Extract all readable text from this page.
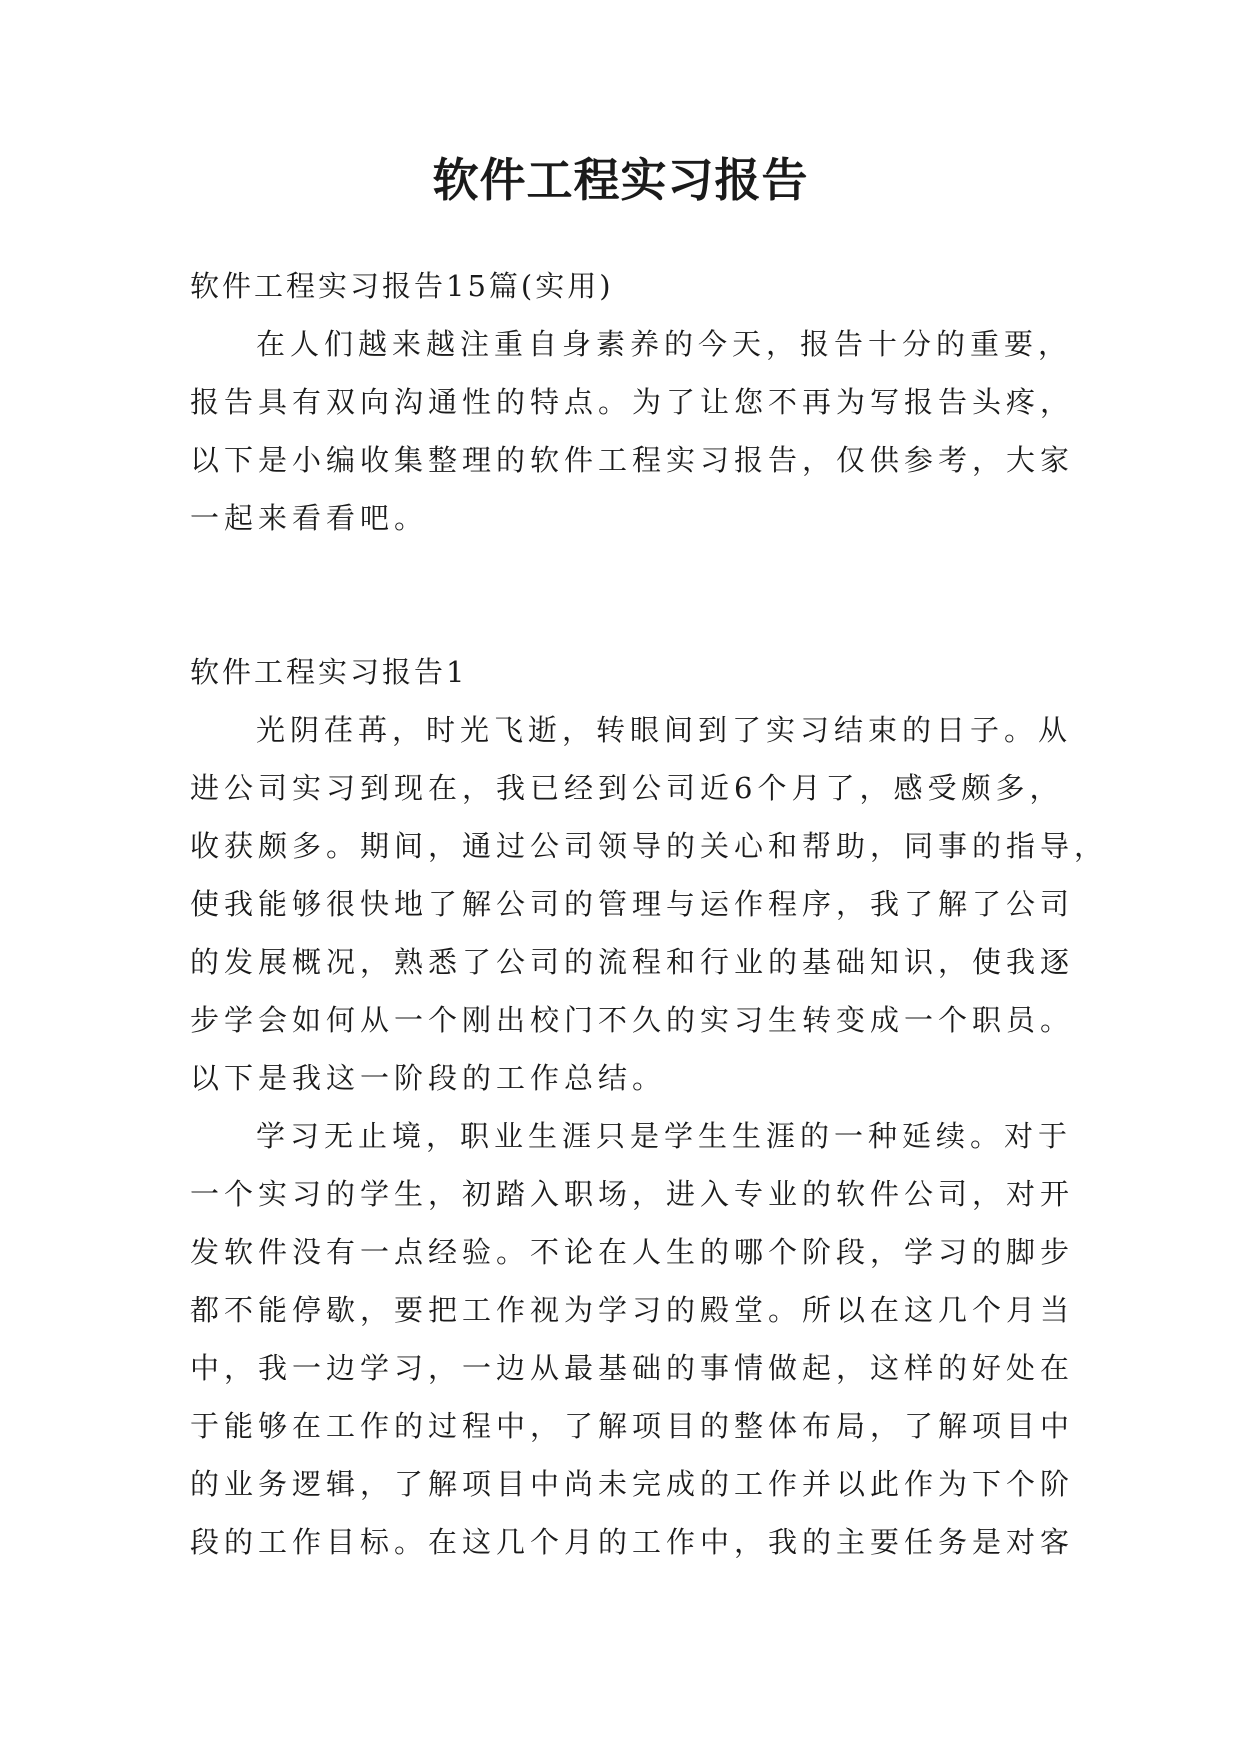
软件工程实习报告

软件工程实习报告15篇(实用)

在人们越来越注重自身素养的今天，报告十分的重要，

报告具有双向沟通性的特点。为了让您不再为写报告头疼，

以下是小编收集整理的软件工程实习报告，仅供参考，大家

一起来看看吧。

软件工程实习报告1

光阴荏苒，时光飞逝，转眼间到了实习结束的日子。从

进公司实习到现在，我已经到公司近6个月了，感受颇多，

收获颇多。期间，通过公司领导的关心和帮助，同事的指导，

使我能够很快地了解公司的管理与运作程序，我了解了公司

的发展概况，熟悉了公司的流程和行业的基础知识，使我逐

步学会如何从一个刚出校门不久的实习生转变成一个职员。

以下是我这一阶段的工作总结。

学习无止境，职业生涯只是学生生涯的一种延续。对于

一个实习的学生，初踏入职场，进入专业的软件公司，对开

发软件没有一点经验。不论在人生的哪个阶段，学习的脚步

都不能停歇，要把工作视为学习的殿堂。所以在这几个月当

中，我一边学习，一边从最基础的事情做起，这样的好处在

于能够在工作的过程中，了解项目的整体布局，了解项目中

的业务逻辑，了解项目中尚未完成的工作并以此作为下个阶

段的工作目标。在这几个月的工作中，我的主要任务是对客
